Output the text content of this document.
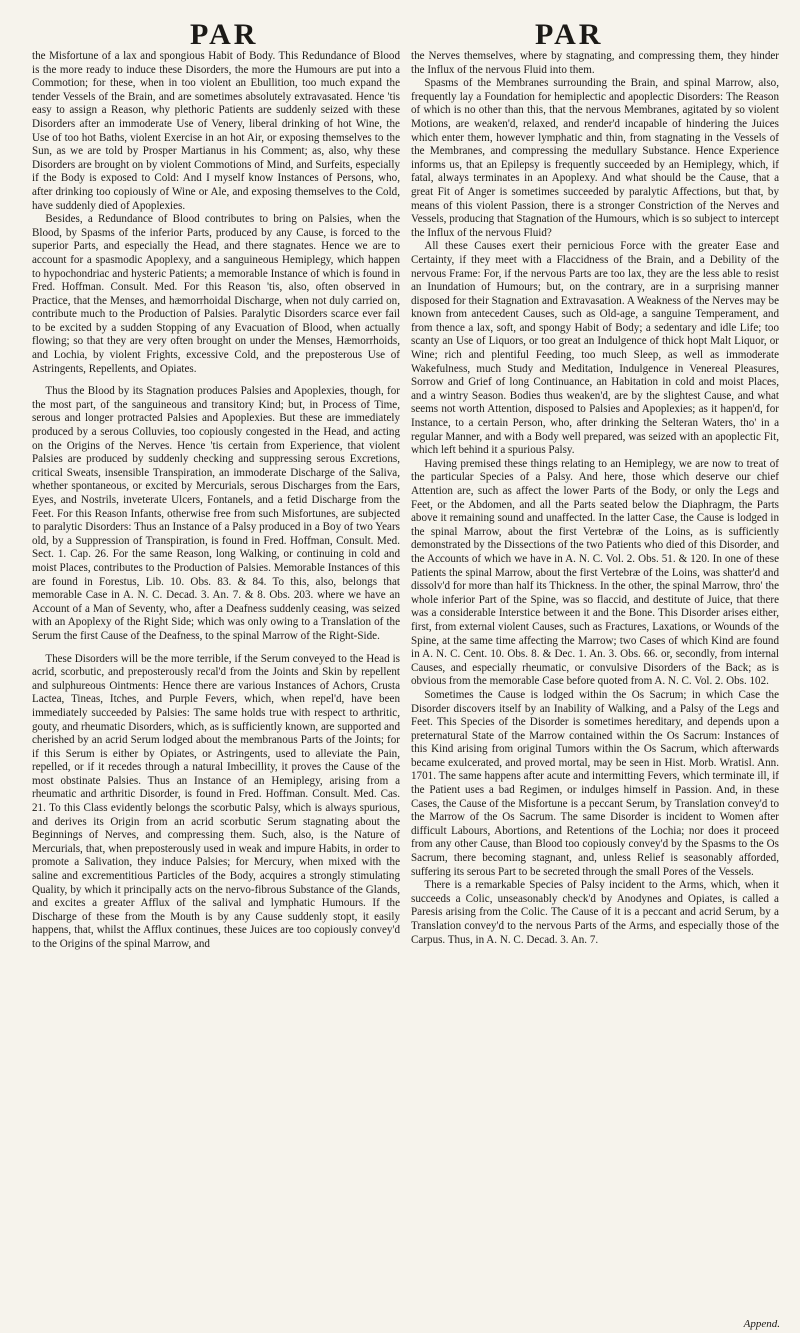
PAR	PAR

the Misfortune of a lax and spongious Habit of Body. This Redundance of Blood is the more ready to induce these Disorders, the more the Humours are put into a Commotion; for these, when in too violent an Ebullition, too much expand the tender Vessels of the Brain, and are sometimes absolutely extravasated. Hence 'tis easy to assign a Reason, why plethoric Patients are suddenly seized with these Disorders after an immoderate Use of Venery, liberal drinking of hot Wine, the Use of too hot Baths, violent Exercise in an hot Air, or exposing themselves to the Sun, as we are told by Prosper Martianus in his Comment; as, also, why these Disorders are brought on by violent Commotions of Mind, and Surfeits, especially if the Body is exposed to Cold: And I myself know Instances of Persons, who, after drinking too copiously of Wine or Ale, and exposing themselves to the Cold, have suddenly died of Apoplexies.

Besides, a Redundance of Blood contributes to bring on Palsies, when the Blood, by Spasms of the inferior Parts, produced by any Cause, is forced to the superior Parts, and especially the Head, and there stagnates. Hence we are to account for a spasmodic Apoplexy, and a sanguineous Hemiplegy, which happen to hypochondriac and hysteric Patients; a memorable Instance of which is found in Fred. Hoffman. Consult. Med. For this Reason 'tis, also, often observed in Practice, that the Menses, and hæmorrhoidal Discharge, when not duly carried on, contribute much to the Production of Palsies. Paralytic Disorders scarce ever fail to be excited by a sudden Stopping of any Evacuation of Blood, when actually flowing; so that they are very often brought on under the Menses, Hæmorrhoids, and Lochia, by violent Frights, excessive Cold, and the preposterous Use of Astringents, Repellents, and Opiates.

Thus the Blood by its Stagnation produces Palsies and Apoplexies, though, for the most part, of the sanguineous and transitory Kind; but, in Process of Time, serous and longer protracted Palsies and Apoplexies. But these are immediately produced by a serous Colluvies, too copiously congested in the Head, and acting on the Origins of the Nerves. Hence 'tis certain from Experience, that violent Palsies are produced by suddenly checking and suppressing serous Excretions, critical Sweats, insensible Transpiration, an immoderate Discharge of the Saliva, whether spontaneous, or excited by Mercurials, serous Discharges from the Ears, Eyes, and Nostrils, inveterate Ulcers, Fontanels, and a fetid Discharge from the Feet. For this Reason Infants, otherwise free from such Misfortunes, are subjected to paralytic Disorders: Thus an Instance of a Palsy produced in a Boy of two Years old, by a Suppression of Transpiration, is found in Fred. Hoffman, Consult. Med. Sect. 1. Cap. 26. For the same Reason, long Walking, or continuing in cold and moist Places, contributes to the Production of Palsies. Memorable Instances of this are found in Forestus, Lib. 10. Obs. 83. & 84. To this, also, belongs that memorable Case in A. N. C. Decad. 3. An. 7. & 8. Obs. 203. where we have an Account of a Man of Seventy, who, after a Deafness suddenly ceasing, was seized with an Apoplexy of the Right Side; which was only owing to a Translation of the Serum the first Cause of the Deafness, to the spinal Marrow of the Right-Side.

These Disorders will be the more terrible, if the Serum conveyed to the Head is acrid, scorbutic, and preposterously recal'd from the Joints and Skin by repellent and sulphureous Ointments: Hence there are various Instances of Achors, Crusta Lactea, Tineas, Itches, and Purple Fevers, which, when repel'd, have been immediately succeeded by Palsies: The same holds true with respect to arthritic, gouty, and rheumatic Disorders, which, as is sufficiently known, are supported and cherished by an acrid Serum lodged about the membranous Parts of the Joints; for if this Serum is either by Opiates, or Astringents, used to alleviate the Pain, repelled, or if it recedes through a natural Imbecillity, it proves the Cause of the most obstinate Palsies. Thus an Instance of an Hemiplegy, arising from a rheumatic and arthritic Disorder, is found in Fred. Hoffman. Consult. Med. Cas. 21. To this Class evidently belongs the scorbutic Palsy, which is always spurious, and derives its Origin from an acrid scorbutic Serum stagnating about the Beginnings of Nerves, and compressing them. Such, also, is the Nature of Mercurials, that, when preposterously used in weak and impure Habits, in order to promote a Salivation, they induce Palsies; for Mercury, when mixed with the saline and excrementitious Particles of the Body, acquires a strongly stimulating Quality, by which it principally acts on the nervo-fibrous Substance of the Glands, and excites a greater Afflux of the salival and lymphatic Humours. If the Discharge of these from the Mouth is by any Cause suddenly stopt, it easily happens, that, whilst the Afflux continues, these Juices are too copiously convey'd to the Origins of the spinal Marrow, and

the Nerves themselves, where by stagnating, and compressing them, they hinder the Influx of the nervous Fluid into them.

Spasms of the Membranes surrounding the Brain, and spinal Marrow, also, frequently lay a Foundation for hemiplectic and apoplectic Disorders: The Reason of which is no other than this, that the nervous Membranes, agitated by so violent Motions, are weaken'd, relaxed, and render'd incapable of hindering the Juices which enter them, however lymphatic and thin, from stagnating in the Vessels of the Membranes, and compressing the medullary Substance. Hence Experience informs us, that an Epilepsy is frequently succeeded by an Hemiplegy, which, if fatal, always terminates in an Apoplexy. And what should be the Cause, that a great Fit of Anger is sometimes succeeded by paralytic Affections, but that, by means of this violent Passion, there is a stronger Constriction of the Nerves and Vessels, producing that Stagnation of the Humours, which is so subject to intercept the Influx of the nervous Fluid?

All these Causes exert their pernicious Force with the greater Ease and Certainty, if they meet with a Flaccidness of the Brain, and a Debility of the nervous Frame: For, if the nervous Parts are too lax, they are the less able to resist an Inundation of Humours; but, on the contrary, are in a surprising manner disposed for their Stagnation and Extravasation. A Weakness of the Nerves may be known from antecedent Causes, such as Old-age, a sanguine Temperament, and from thence a lax, soft, and spongy Habit of Body; a sedentary and idle Life; too scanty an Use of Liquors, or too great an Indulgence of thick hopt Malt Liquor, or Wine; rich and plentiful Feeding, too much Sleep, as well as immoderate Wakefulness, much Study and Meditation, Indulgence in Venereal Pleasures, Sorrow and Grief of long Continuance, an Habitation in cold and moist Places, and a wintry Season. Bodies thus weaken'd, are by the slightest Cause, and what seems not worth Attention, disposed to Palsies and Apoplexies; as it happen'd, for Instance, to a certain Person, who, after drinking the Selteran Waters, tho' in a regular Manner, and with a Body well prepared, was seized with an apoplectic Fit, which left behind it a spurious Palsy.

Having premised these things relating to an Hemiplegy, we are now to treat of the particular Species of a Palsy. And here, those which deserve our chief Attention are, such as affect the lower Parts of the Body, or only the Legs and Feet, or the Abdomen, and all the Parts seated below the Diaphragm, the Parts above it remaining sound and unaffected. In the latter Case, the Cause is lodged in the spinal Marrow, about the first Vertebræ of the Loins, as is sufficiently demonstrated by the Dissections of the two Patients who died of this Disorder, and the Accounts of which we have in A. N. C. Vol. 2. Obs. 51. & 120. In one of these Patients the spinal Marrow, about the first Vertebræ of the Loins, was shatter'd and dissolv'd for more than half its Thickness. In the other, the spinal Marrow, thro' the whole inferior Part of the Spine, was so flaccid, and destitute of Juice, that there was a considerable Interstice between it and the Bone. This Disorder arises either, first, from external violent Causes, such as Fractures, Laxations, or Wounds of the Spine, at the same time affecting the Marrow; two Cases of which Kind are found in A. N. C. Cent. 10. Obs. 8. & Dec. 1. An. 3. Obs. 66. or, secondly, from internal Causes, and especially rheumatic, or convulsive Disorders of the Back; as is obvious from the memorable Case before quoted from A. N. C. Vol. 2. Obs. 102.

Sometimes the Cause is lodged within the Os Sacrum; in which Case the Disorder discovers itself by an Inability of Walking, and a Palsy of the Legs and Feet. This Species of the Disorder is sometimes hereditary, and depends upon a preternatural State of the Marrow contained within the Os Sacrum: Instances of this Kind arising from original Tumors within the Os Sacrum, which afterwards became exulcerated, and proved mortal, may be seen in Hist. Morb. Wratisl. Ann. 1701. The same happens after acute and intermitting Fevers, which terminate ill, if the Patient uses a bad Regimen, or indulges himself in Passion. And, in these Cases, the Cause of the Misfortune is a peccant Serum, by Translation convey'd to the Marrow of the Os Sacrum. The same Disorder is incident to Women after difficult Labours, Abortions, and Retentions of the Lochia; nor does it proceed from any other Cause, than Blood too copiously convey'd by the Spasms to the Os Sacrum, there becoming stagnant, and, unless Relief is seasonably afforded, suffering its serous Part to be secreted through the small Pores of the Vessels.

There is a remarkable Species of Palsy incident to the Arms, which, when it succeeds a Colic, unseasonably check'd by Anodynes and Opiates, is called a Paresis arising from the Colic. The Cause of it is a peccant and acrid Serum, by a Translation convey'd to the nervous Parts of the Arms, and especially those of the Carpus. Thus, in A. N. C. Decad. 3. An. 7.

Append.
